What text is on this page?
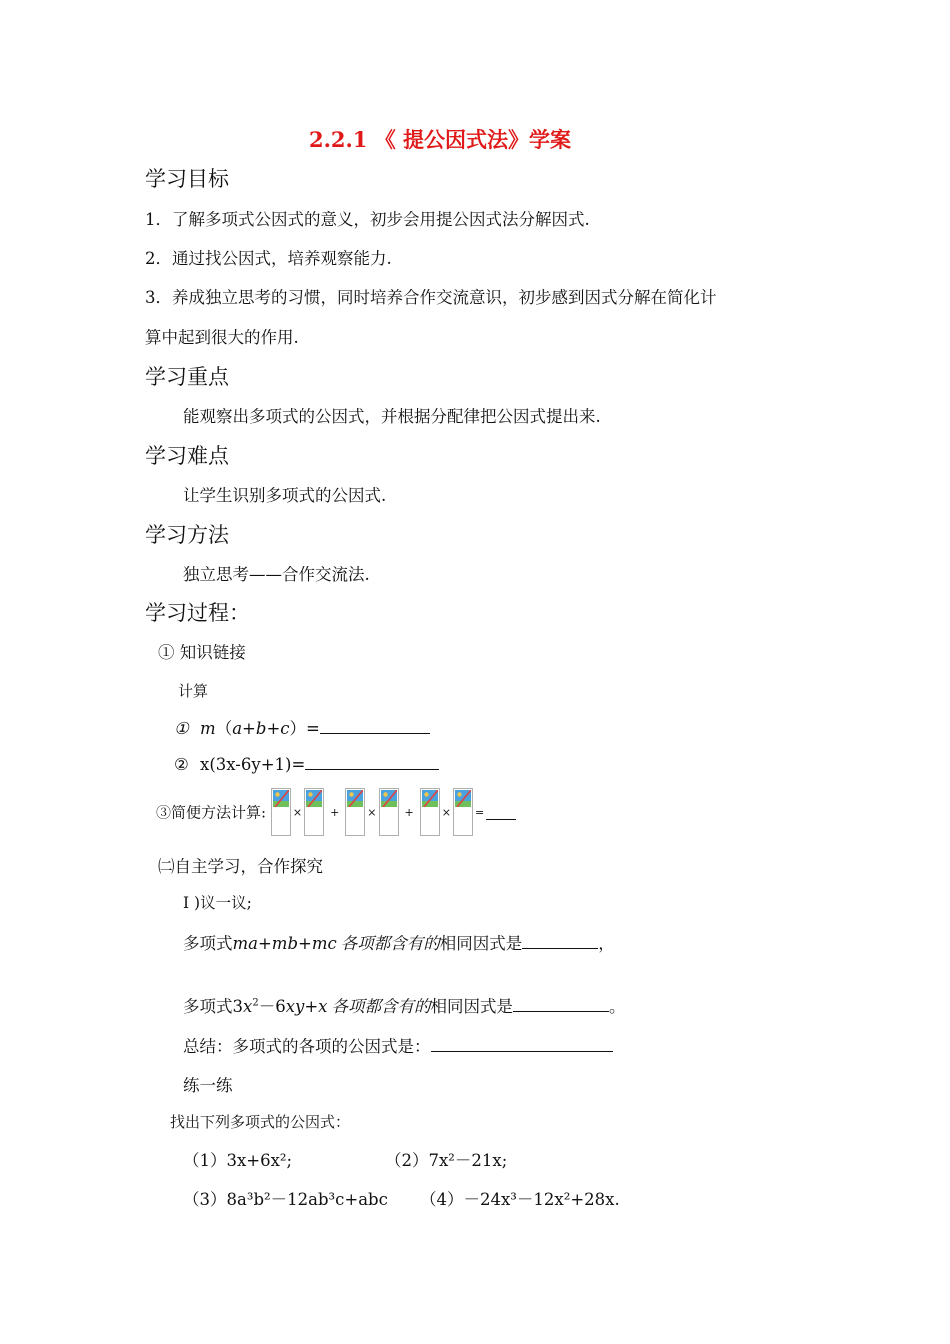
2.2.1 《 提公因式法》学案
学习目标
1．了解多项式公因式的意义，初步会用提公因式法分解因式.
2．通过找公因式，培养观察能力.
3．养成独立思考的习惯，同时培养合作交流意识，初步感到因式分解在简化计
算中起到很大的作用.
学习重点
能观察出多项式的公因式，并根据分配律把公因式提出来.
学习难点
让学生识别多项式的公因式.
学习方法
独立思考——合作交流法.
学习过程：
① 知识链接
计算
① m（a+b+c）=
② x(3x-6y+1)=
③简便方法计算: ×	+	×	+	× =
㈡自主学习，合作探究
I )议一议;
多项式ma+mb+mc 各项都含有的相同因式是	，
多项式$3x^2-6xy+x$ 各项都含有的相同因式是	。
总结：多项式的各项的公因式是：
练一练
找出下列多项式的公因式：
（1）3x+6x²;	（2）7x²－21x;
（3）8a³b²－12ab³c+abc （4）－24x³－12x²+28x.
